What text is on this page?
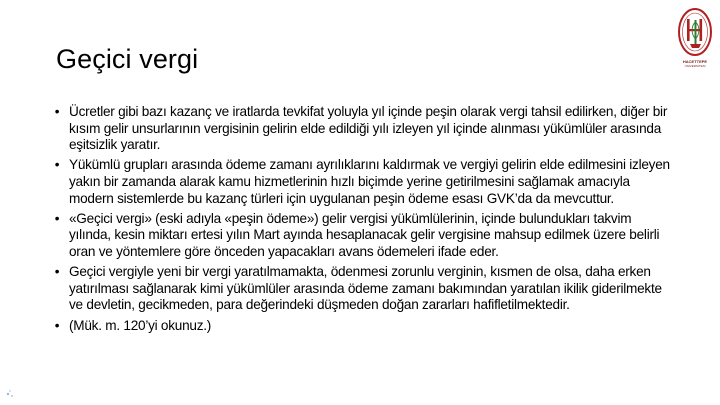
Geçici vergi	HACETTEPE
ÜNİVERSİTESİ
• Ücretler gibi bazı kazanç ve iratlarda tevkifat yoluyla yıl içinde peşin olarak vergi tahsil edilirken, diğer bir kısım gelir unsurlarının vergisinin gelirin elde edildiği yılı izleyen yıl içinde alınması yükümlüler arasında eşitsizlik yaratır.
• Yükümlü grupları arasında ödeme zamanı ayrılıklarını kaldırmak ve vergiyi gelirin elde edilmesini izleyen yakın bir zamanda alarak kamu hizmetlerinin hızlı biçimde yerine getirilmesini sağlamak amacıyla modern sistemlerde bu kazanç türleri için uygulanan peşin ödeme esası GVK’da da mevcuttur.
• «Geçici vergi» (eski adıyla «peşin ödeme») gelir vergisi yükümlülerinin, içinde bulundukları takvim yılında, kesin miktarı ertesi yılın Mart ayında hesaplanacak gelir vergisine mahsup edilmek üzere belirli oran ve yöntemlere göre önceden yapacakları avans ödemeleri ifade eder.
• Geçici vergiyle yeni bir vergi yaratılmamakta, ödenmesi zorunlu verginin, kısmen de olsa, daha erken yatırılması sağlanarak kimi yükümlüler arasında ödeme zamanı bakımından yaratılan ikilik giderilmekte ve devletin, gecikmeden, para değerindeki düşmeden doğan zararları hafifletilmektedir.
• (Mük. m. 120’yi okunuz.)
